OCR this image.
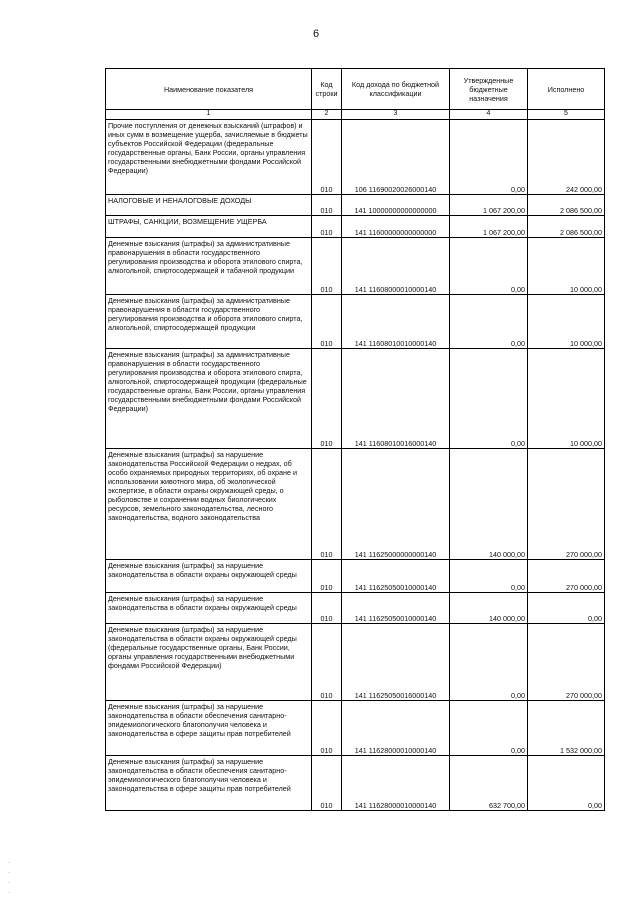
6
Наименование показателя	Код строки	Код дохода по бюджетной классификации	Утвержденные бюджетные назначения	Исполнено
1	2	3	4	5
Прочие поступления от денежных взысканий (штрафов) и иных сумм в возмещение ущерба, зачисляемые в бюджеты субъектов Российской Федерации (федеральные государственные органы, Банк России, органы управления государственными внебюджетными фондами Российской Федерации)	010	106 11690020026000140	0,00	242 000,00
НАЛОГОВЫЕ И НЕНАЛОГОВЫЕ ДОХОДЫ	010	141 10000000000000000	1 067 200,00	2 086 500,00
ШТРАФЫ, САНКЦИИ, ВОЗМЕЩЕНИЕ УЩЕРБА	010	141 11600000000000000	1 067 200,00	2 086 500,00
Денежные взыскания (штрафы) за административные правонарушения в области государственного регулирования производства и оборота этилового спирта, алкогольной, спиртосодержащей и табачной продукции	010	141 11608000010000140	0,00	10 000,00
Денежные взыскания (штрафы) за административные правонарушения в области государственного регулирования производства и оборота этилового спирта, алкогольной, спиртосодержащей продукции	010	141 11608010010000140	0,00	10 000,00
Денежные взыскания (штрафы) за административные правонарушения в области государственного регулирования производства и оборота этилового спирта, алкогольной, спиртосодержащей продукции (федеральные государственные органы, Банк России, органы управления государственными внебюджетными фондами Российской Федерации)	010	141 11608010016000140	0,00	10 000,00
Денежные взыскания (штрафы) за нарушение законодательства Российской Федерации о недрах, об особо охраняемых природных территориях, об охране и использовании животного мира, об экологической экспертизе, в области охраны окружающей среды, о рыболовстве и сохранении водных биологических ресурсов, земельного законодательства, лесного законодательства, водного законодательства	010	141 11625000000000140	140 000,00	270 000,00
Денежные взыскания (штрафы) за нарушение законодательства в области охраны окружающей среды	010	141 11625050010000140	0,00	270 000,00
Денежные взыскания (штрафы) за нарушение законодательства в области охраны окружающей среды	010	141 11625050010000140	140 000,00	0,00
Денежные взыскания (штрафы) за нарушение законодательства в области охраны окружающей среды (федеральные государственные органы, Банк России, органы управления государственными внебюджетными фондами Российской Федерации)	010	141 11625050016000140	0,00	270 000,00
Денежные взыскания (штрафы) за нарушение законодательства в области обеспечения санитарно-эпидемиологического благополучия человека и законодательства в сфере защиты прав потребителей	010	141 11628000010000140	0,00	1 532 000,00
Денежные взыскания (штрафы) за нарушение законодательства в области обеспечения санитарно-эпидемиологического благополучия человека и законодательства в сфере защиты прав потребителей	010	141 11628000010000140	632 700,00	0,00
·
·
·
·
